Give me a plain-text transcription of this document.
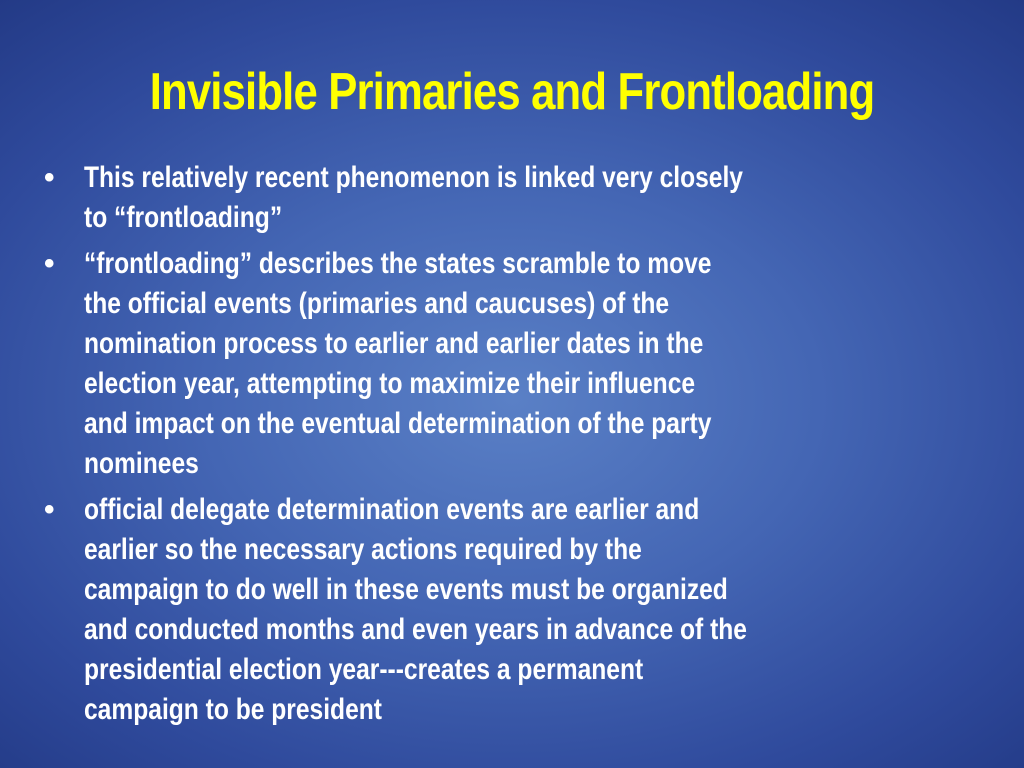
Invisible Primaries and Frontloading
• This relatively recent phenomenon is linked very closely
to “frontloading”
• “frontloading” describes the states scramble to move
the official events (primaries and caucuses) of the
nomination process to earlier and earlier dates in the
election year, attempting to maximize their influence
and impact on the eventual determination of the party
nominees
• official delegate determination events are earlier and
earlier so the necessary actions required by the
campaign to do well in these events must be organized
and conducted months and even years in advance of the
presidential election year---creates a permanent
campaign to be president
